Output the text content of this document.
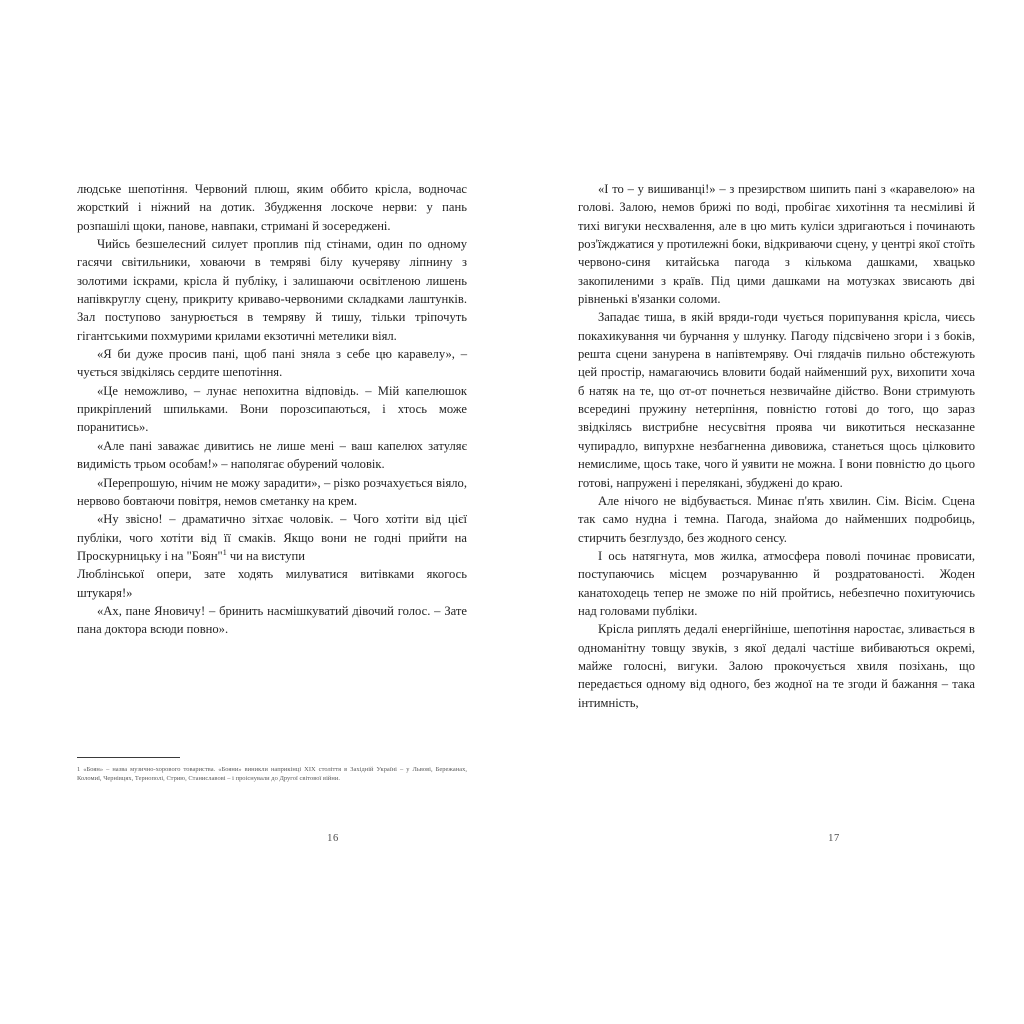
людське шепотіння. Червоний плюш, яким оббито крісла, водночас жорсткий і ніжний на дотик. Збудження лоскоче нерви: у пань розпашілі щоки, панове, навпаки, стримані й зосереджені.

Чийсь безшелесний силует проплив під стінами, один по одному гасячи світильники, ховаючи в темряві білу кучеряву ліпнину з золотими іскрами, крісла й публіку, і залишаючи освітленою лишень напівкруглу сцену, прикриту криваво-червоними складками лаштунків. Зал поступово занурюється в темряву й тишу, тільки тріпочуть гігантськими похмурими крилами екзотичні метелики віял.

«Я би дуже просив пані, щоб пані зняла з себе цю каравелу», – чується звідкілясь сердите шепотіння.

«Це неможливо, – лунає непохитна відповідь. – Мій капелюшок прикріплений шпильками. Вони порозсипаються, і хтось може поранитись».

«Але пані заважає дивитись не лише мені – ваш капелюх затуляє видимість трьом особам!» – наполягає обурений чоловік.

«Перепрошую, нічим не можу зарадити», – різко розчахується віяло, нервово бовтаючи повітря, немов сметанку на крем.

«Ну звісно! – драматично зітхає чоловік. – Чого хотіти від цієї публіки, чого хотіти від її смаків. Якщо вони не годні прийти на Проскурницьку і на "Боян"$^1$ чи на виступи

Люблінської опери, зате ходять милуватися витівками якогось штукаря!»

«Ах, пане Яновичу! – бринить насмішкуватий дівочий голос. – Зате пана доктора всюди повно».

1 «Боян» – назва музично-хорового товариства. «Бояни» виникли наприкінці XIX століття в Західній Україні – у Львові, Бережанах, Коломиї, Чернівцях, Тернополі, Стрию, Станиславові – і проіснували до Другої світової війни.
16

«І то – у вишиванці!» – з презирством шипить пані з «каравелою» на голові. Залою, немов брижі по воді, пробігає хихотіння та несміливі й тихі вигуки несхвалення, але в цю мить куліси здригаються і починають роз'їжджатися у протилежні боки, відкриваючи сцену, у центрі якої стоїть червоно-синя китайська пагода з кількома дашками, хвацько закопиленими з країв. Під цими дашками на мотузках звисають дві рівненькі в'язанки соломи.

Западає тиша, в якій вряди-годи чується порипування крісла, чиєсь покахикування чи бурчання у шлунку. Пагоду підсвічено згори і з боків, решта сцени занурена в напівтемряву. Очі глядачів пильно обстежують цей простір, намагаючись вловити бодай найменший рух, вихопити хоча б натяк на те, що от-от почнеться незвичайне дійство. Вони стримують всередині пружину нетерпіння, повністю готові до того, що зараз звідкілясь вистрибне несусвітня проява чи викотиться несказанне чупирадло, випурхне незбагненна дивовижа, станеться щось цілковито немислиме, щось таке, чого й уявити не можна. І вони повністю до цього готові, напружені і перелякані, збуджені до краю.

Але нічого не відбувається. Минає п'ять хвилин. Сім. Вісім. Сцена так само нудна і темна. Пагода, знайома до найменших подробиць, стирчить безглуздо, без жодного сенсу.

І ось натягнута, мов жилка, атмосфера поволі починає провисати, поступаючись місцем розчаруванню й роздратованості. Жоден канатоходець тепер не зможе по ній пройтись, небезпечно похитуючись над головами публіки.

Крісла риплять дедалі енергійніше, шепотіння наростає, зливається в одноманітну товщу звуків, з якої дедалі частіше вибиваються окремі, майже голосні, вигуки. Залою прокочується хвиля позіхань, що передається одному від одного, без жодної на те згоди й бажання – така інтимність,

17
